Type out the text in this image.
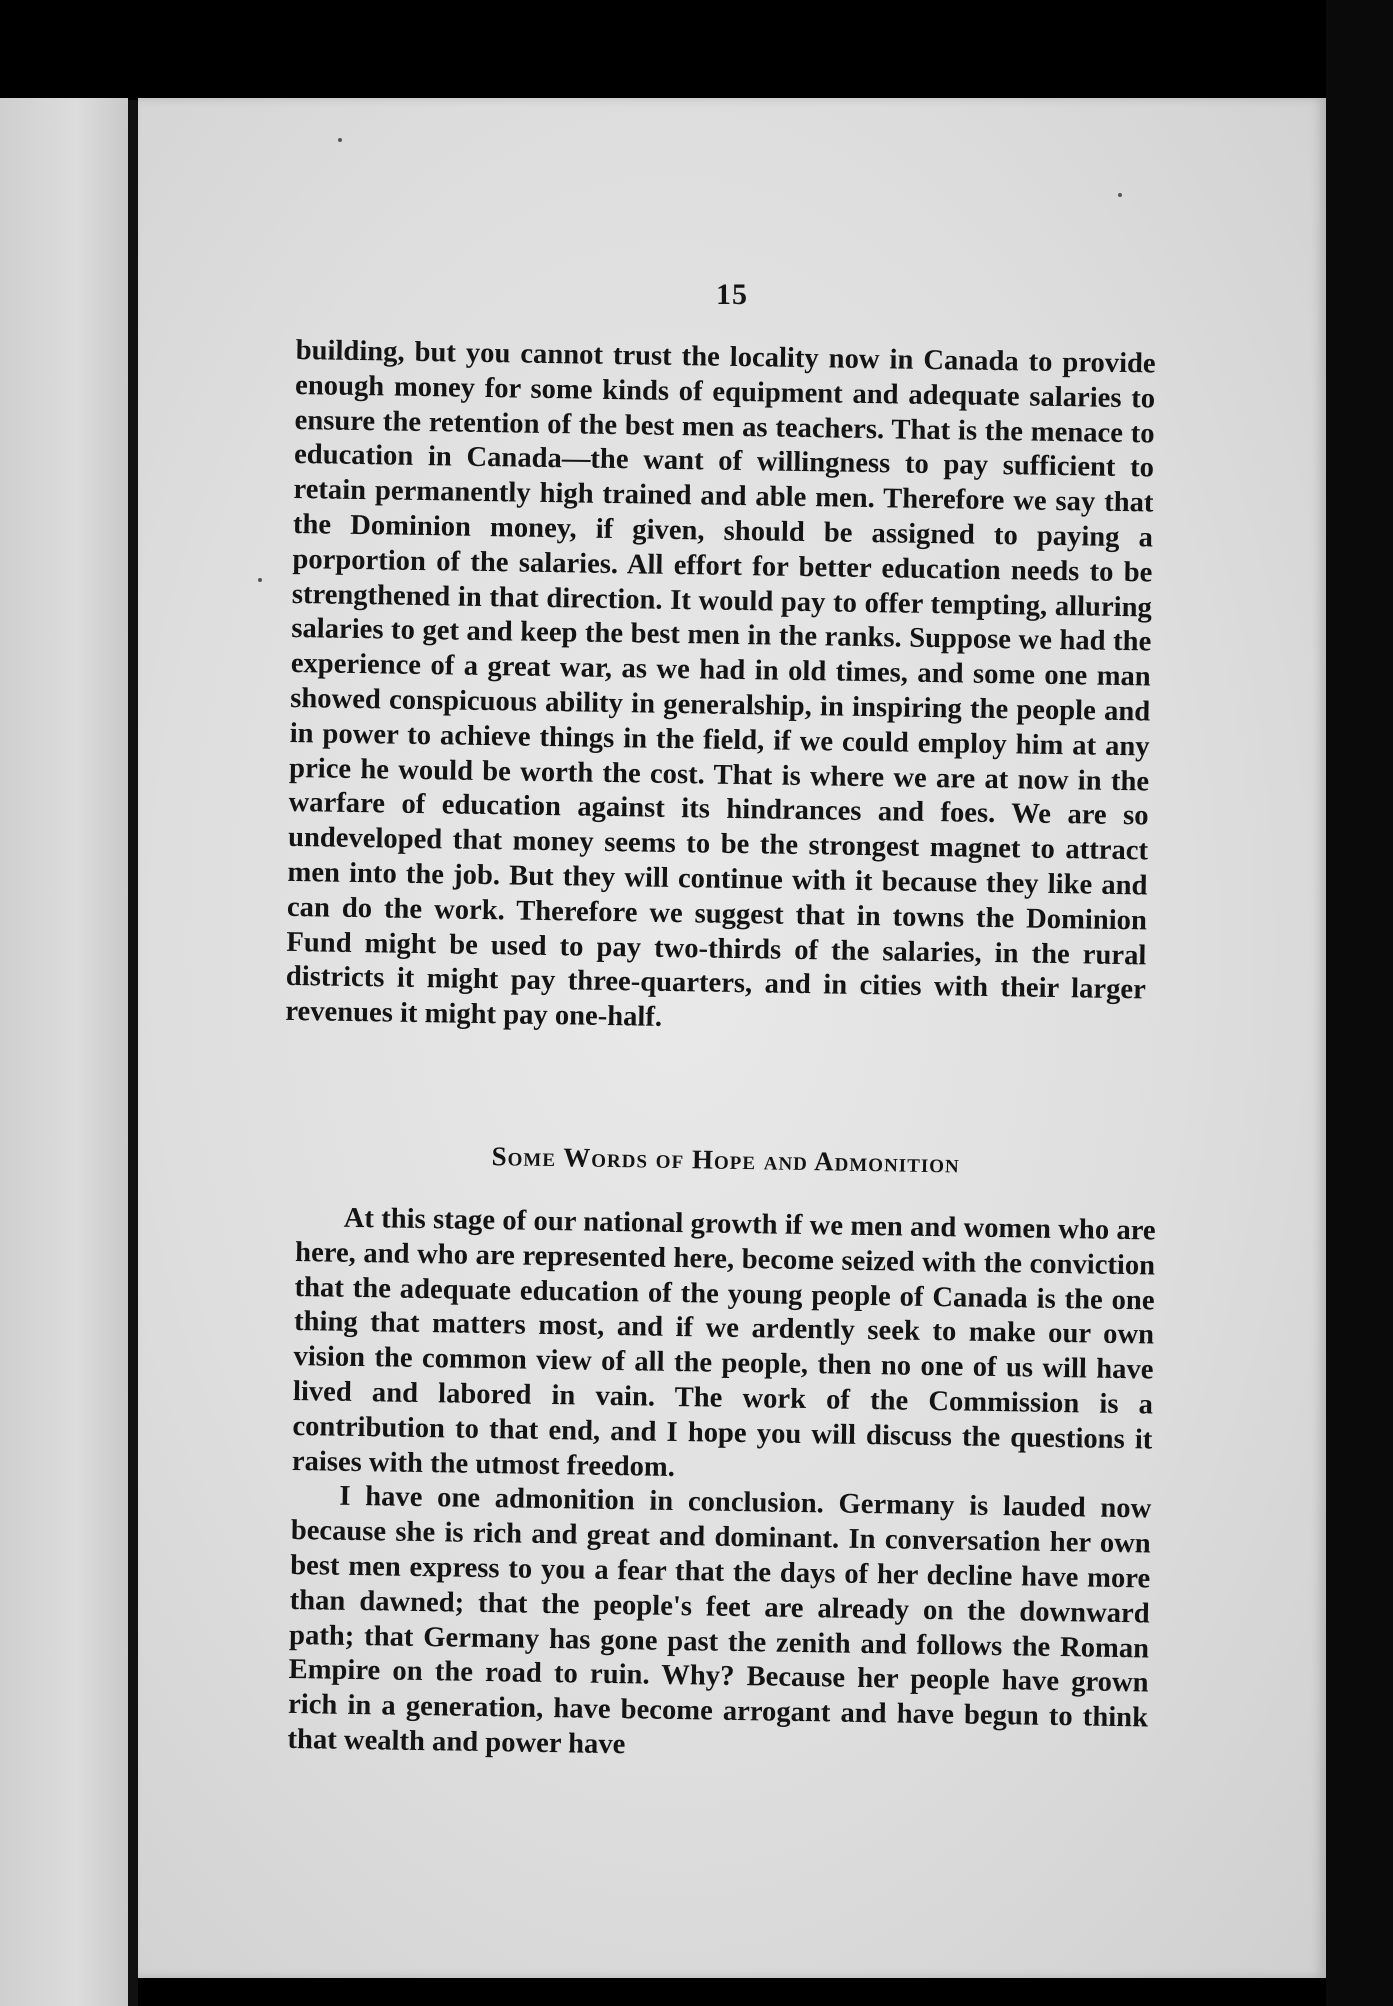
15

building, but you cannot trust the locality now in Canada to provide enough money for some kinds of equipment and adequate salaries to ensure the retention of the best men as teachers. That is the menace to education in Canada—the want of willingness to pay sufficient to retain permanently high trained and able men. Therefore we say that the Dominion money, if given, should be assigned to paying a porportion of the salaries. All effort for better education needs to be strengthened in that direction. It would pay to offer tempting, alluring salaries to get and keep the best men in the ranks. Suppose we had the experience of a great war, as we had in old times, and some one man showed conspicuous ability in generalship, in inspiring the people and in power to achieve things in the field, if we could employ him at any price he would be worth the cost. That is where we are at now in the warfare of education against its hindrances and foes. We are so undeveloped that money seems to be the strongest magnet to attract men into the job. But they will continue with it because they like and can do the work. Therefore we suggest that in towns the Dominion Fund might be used to pay two-thirds of the salaries, in the rural districts it might pay three-quarters, and in cities with their larger revenues it might pay one-half.

Some Words of Hope and Admonition

At this stage of our national growth if we men and women who are here, and who are represented here, become seized with the conviction that the adequate education of the young people of Canada is the one thing that matters most, and if we ardently seek to make our own vision the common view of all the people, then no one of us will have lived and labored in vain. The work of the Commission is a contribution to that end, and I hope you will discuss the questions it raises with the utmost freedom.

I have one admonition in conclusion. Germany is lauded now because she is rich and great and dominant. In conversation her own best men express to you a fear that the days of her decline have more than dawned; that the people's feet are already on the downward path; that Germany has gone past the zenith and follows the Roman Empire on the road to ruin. Why? Because her people have grown rich in a generation, have become arrogant and have begun to think that wealth and power have
